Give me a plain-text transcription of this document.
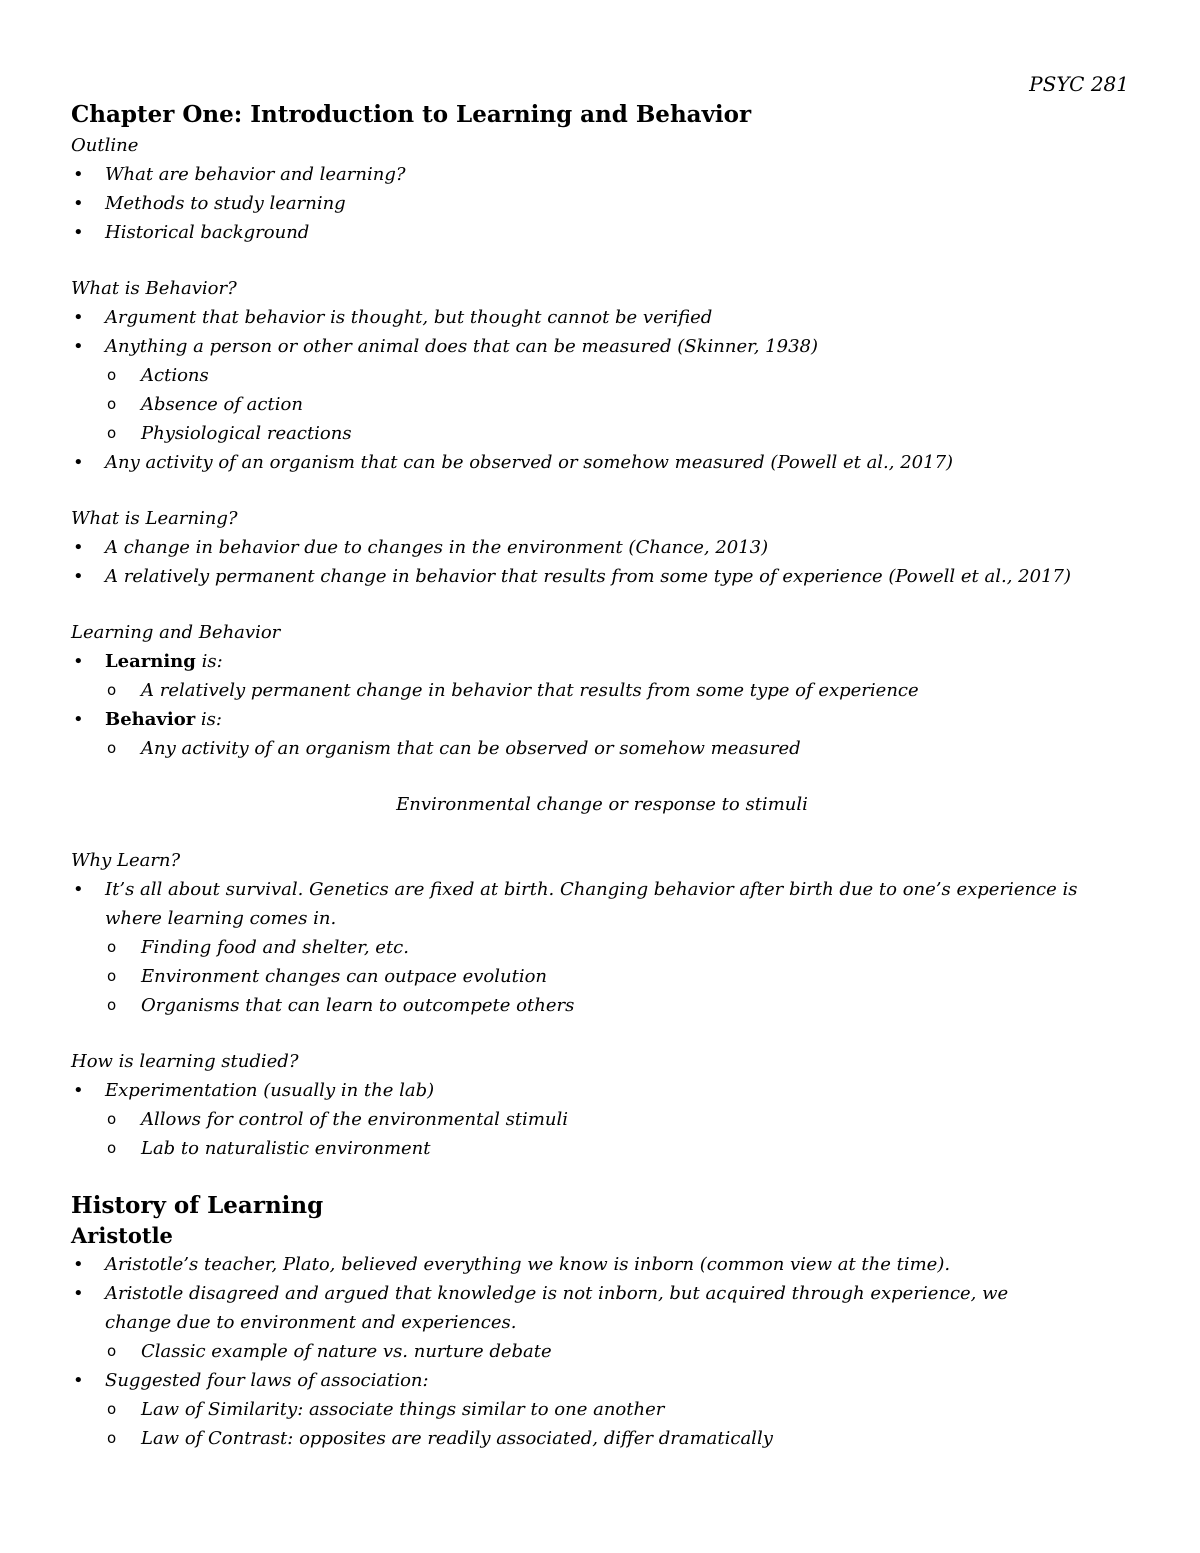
PSYC 281
Chapter One: Introduction to Learning and Behavior
Outline
• What are behavior and learning?
• Methods to study learning
• Historical background
What is Behavior?
• Argument that behavior is thought, but thought cannot be verified
• Anything a person or other animal does that can be measured (Skinner, 1938)
o Actions
o Absence of action
o Physiological reactions
• Any activity of an organism that can be observed or somehow measured (Powell et al., 2017)
What is Learning?
• A change in behavior due to changes in the environment (Chance, 2013)
• A relatively permanent change in behavior that results from some type of experience (Powell et al., 2017)
Learning and Behavior
• Learning is:
o A relatively permanent change in behavior that results from some type of experience
• Behavior is:
o Any activity of an organism that can be observed or somehow measured
Environmental change or response to stimuli
Why Learn?
• It’s all about survival. Genetics are fixed at birth. Changing behavior after birth due to one’s experience is
where learning comes in.
o Finding food and shelter, etc.
o Environment changes can outpace evolution
o Organisms that can learn to outcompete others
How is learning studied?
• Experimentation (usually in the lab)
o Allows for control of the environmental stimuli
o Lab to naturalistic environment
History of Learning
Aristotle
• Aristotle’s teacher, Plato, believed everything we know is inborn (common view at the time).
• Aristotle disagreed and argued that knowledge is not inborn, but acquired through experience, we
change due to environment and experiences.
o Classic example of nature vs. nurture debate
• Suggested four laws of association:
o Law of Similarity: associate things similar to one another
o Law of Contrast: opposites are readily associated, differ dramatically
